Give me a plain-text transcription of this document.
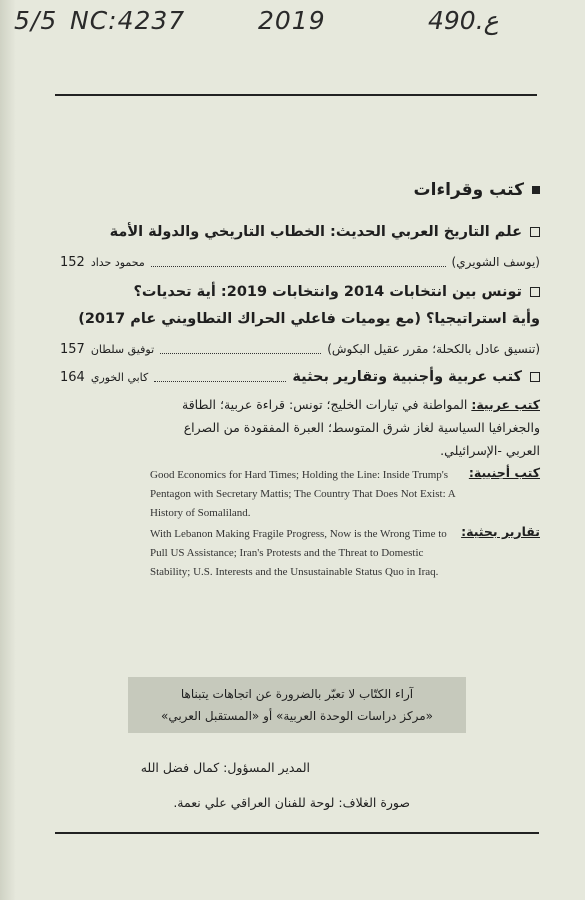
5/5 NC:4237	2019	490.ع
كتب وقراءات
علم التاريخ العربي الحديث: الخطاب التاريخي والدولة الأمة
(يوسف الشويري)
محمود حداد
152
تونس بين انتخابات 2014 وانتخابات 2019: أية تحديات؟
وأية استراتيجيا؟ (مع يوميات فاعلي الحراك التطاويني عام 2017)
(تنسيق عادل بالكحلة؛ مقرر عقيل البكوش)
توفيق سلطان
157
كتب عربية وأجنبية وتقارير بحثية
كابي الخوري
164
كتب عربية: المواطنة في تيارات الخليج؛ تونس: قراءة عربية؛ الطاقة
والجغرافيا السياسية لغاز شرق المتوسط؛ العبرة المفقودة من الصراع
العربي -الإسرائيلي.
كتب أجنبية:
Good Economics for Hard Times; Holding the Line: Inside Trump's Pentagon with Secretary Mattis; The Country That Does Not Exist: A History of Somaliland.
تقارير بحثية:
With Lebanon Making Fragile Progress, Now is the Wrong Time to Pull US Assistance; Iran's Protests and the Threat to Domestic Stability; U.S. Interests and the Unsustainable Status Quo in Iraq.
آراء الكتّاب لا تعبّر بالضرورة عن اتجاهات يتبناها
«مركز دراسات الوحدة العربية» أو «المستقبل العربي»
المدير المسؤول: كمال فضل الله
صورة الغلاف: لوحة للفنان العراقي علي نعمة.
